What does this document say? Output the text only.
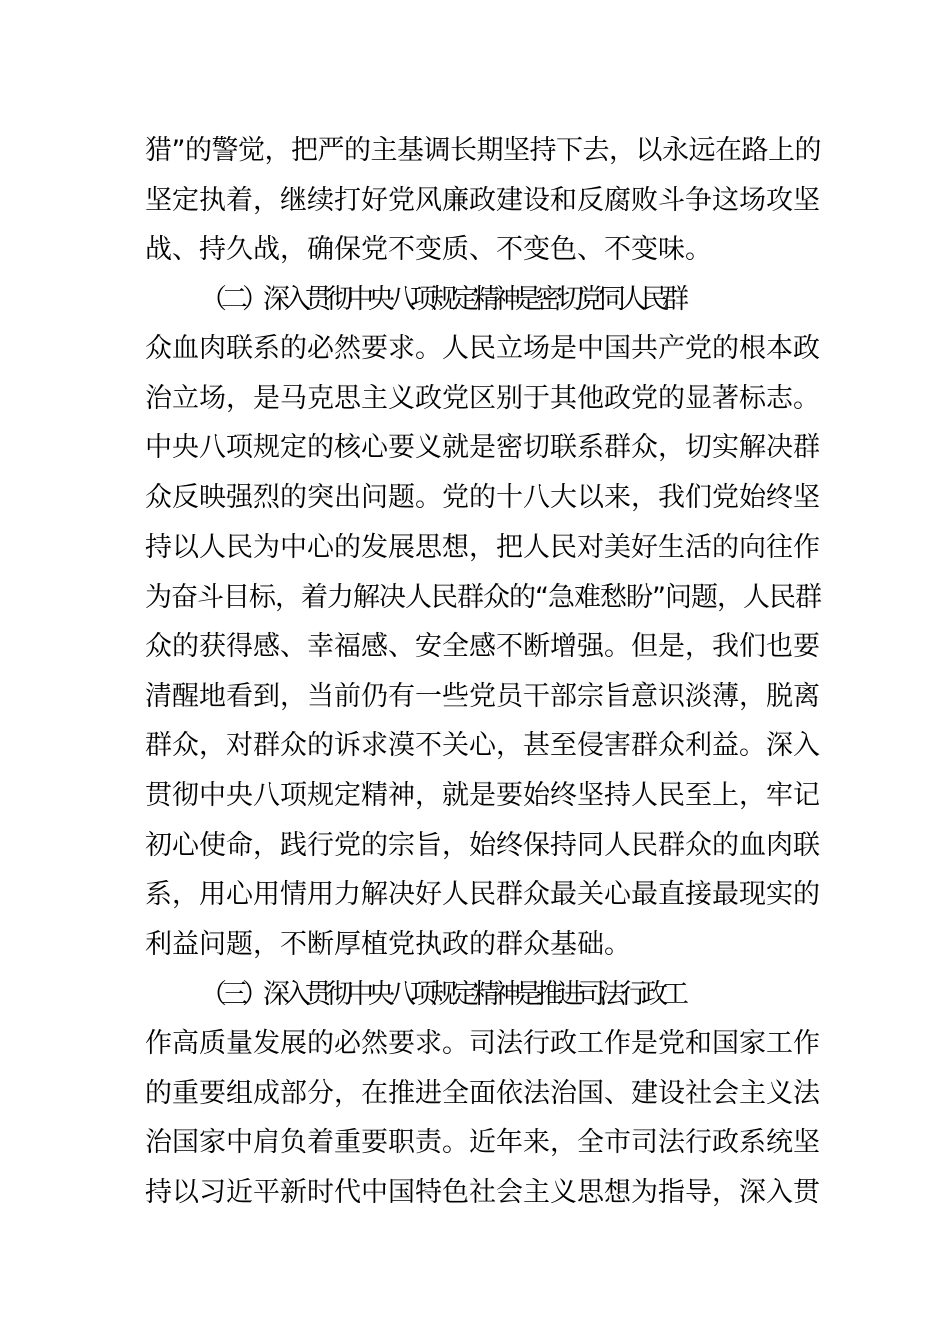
猎”的警觉，把严的主基调长期坚持下去，以永远在路上的
坚定执着，继续打好党风廉政建设和反腐败斗争这场攻坚
战、持久战，确保党不变质、不变色、不变味。
（二）深入贯彻中央八项规定精神是密切党同人民群
众血肉联系的必然要求。人民立场是中国共产党的根本政
治立场，是马克思主义政党区别于其他政党的显著标志。
中央八项规定的核心要义就是密切联系群众，切实解决群
众反映强烈的突出问题。党的十八大以来，我们党始终坚
持以人民为中心的发展思想，把人民对美好生活的向往作
为奋斗目标，着力解决人民群众的“急难愁盼”问题，人民群
众的获得感、幸福感、安全感不断增强。但是，我们也要
清醒地看到，当前仍有一些党员干部宗旨意识淡薄，脱离
群众，对群众的诉求漠不关心，甚至侵害群众利益。深入
贯彻中央八项规定精神，就是要始终坚持人民至上，牢记
初心使命，践行党的宗旨，始终保持同人民群众的血肉联
系，用心用情用力解决好人民群众最关心最直接最现实的
利益问题，不断厚植党执政的群众基础。
（三）深入贯彻中央八项规定精神是推进司法行政工
作高质量发展的必然要求。司法行政工作是党和国家工作
的重要组成部分，在推进全面依法治国、建设社会主义法
治国家中肩负着重要职责。近年来，全市司法行政系统坚
持以习近平新时代中国特色社会主义思想为指导，深入贯
